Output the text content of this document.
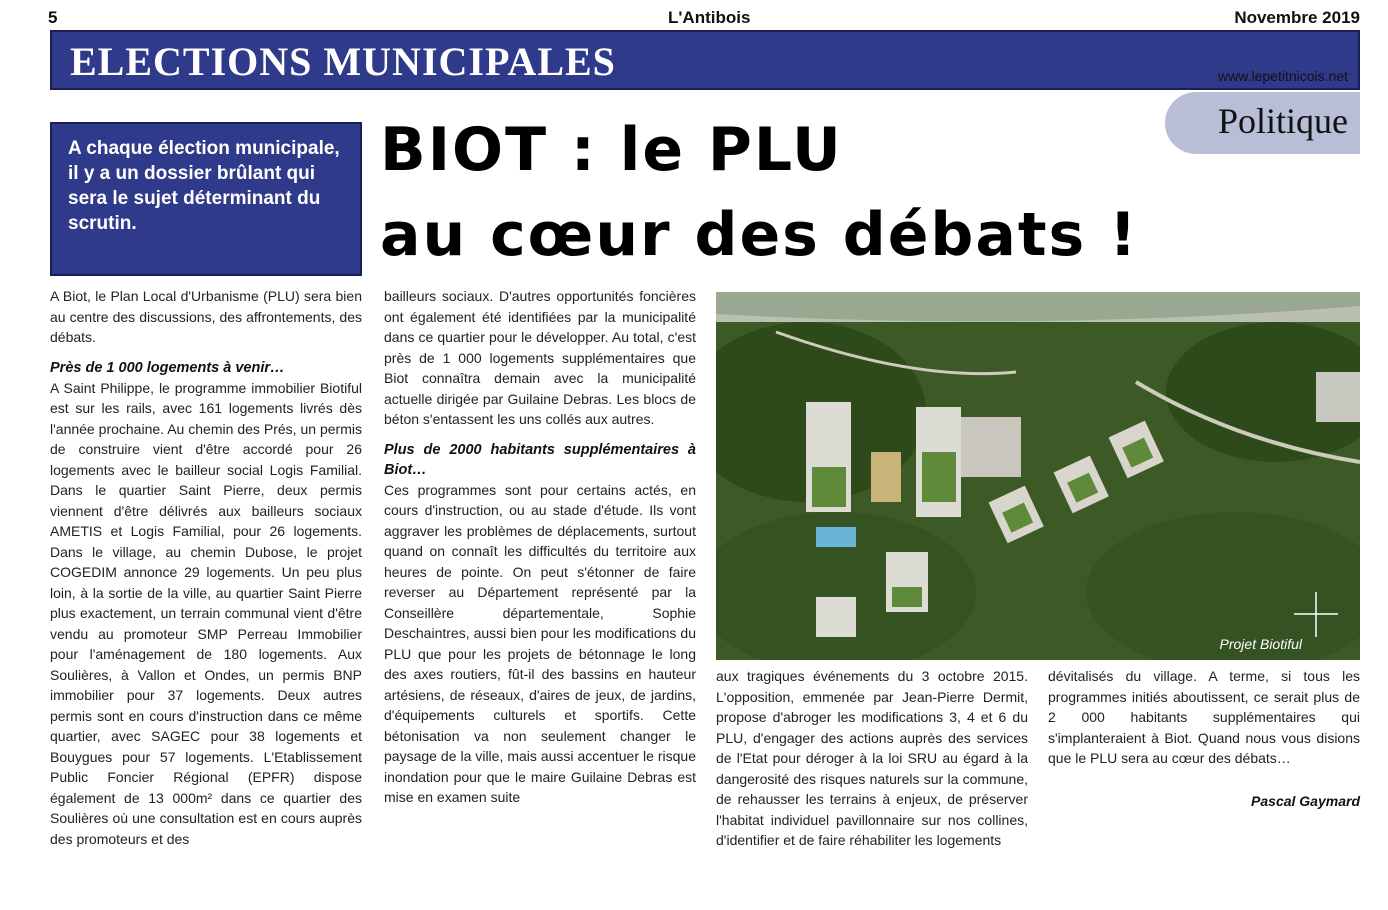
5	L'Antibois	Novembre 2019
ELECTIONS MUNICIPALES	www.lepetitnicois.net
Politique
A chaque élection municipale, il y a un dossier brûlant qui sera le sujet déterminant du scrutin.
BIOT : le PLU
au cœur des débats !

A Biot, le Plan Local d'Urbanisme (PLU) sera bien au centre des discussions, des affrontements, des débats.

Près de 1 000 logements à venir…

A Saint Philippe, le programme immobilier Biotiful est sur les rails, avec 161 logements livrés dès l'année prochaine. Au chemin des Prés, un permis de construire vient d'être accordé pour 26 logements avec le bailleur social Logis Familial. Dans le quartier Saint Pierre, deux permis viennent d'être délivrés aux bailleurs sociaux AMETIS et Logis Familial, pour 26 logements. Dans le village, au chemin Dubose, le projet COGEDIM annonce 29 logements. Un peu plus loin, à la sortie de la ville, au quartier Saint Pierre plus exactement, un terrain communal vient d'être vendu au promoteur SMP Perreau Immobilier pour l'aménagement de 180 logements. Aux Soulières, à Vallon et Ondes, un permis BNP immobilier pour 37 logements. Deux autres permis sont en cours d'instruction dans ce même quartier, avec SAGEC pour 38 logements et Bouygues pour 57 logements. L'Etablissement Public Foncier Régional (EPFR) dispose également de 13 000m² dans ce quartier des Soulières où une consultation est en cours auprès des promoteurs et des

bailleurs sociaux. D'autres opportunités foncières ont également été identifiées par la municipalité dans ce quartier pour le développer. Au total, c'est près de 1 000 logements supplémentaires que Biot connaîtra demain avec la municipalité actuelle dirigée par Guilaine Debras. Les blocs de béton s'entassent les uns collés aux autres.

Plus de 2000 habitants supplémentaires à Biot…

Ces programmes sont pour certains actés, en cours d'instruction, ou au stade d'étude. Ils vont aggraver les problèmes de déplacements, surtout quand on connaît les difficultés du territoire aux heures de pointe. On peut s'étonner de faire reverser au Département représenté par la Conseillère départementale, Sophie Deschaintres, aussi bien pour les modifications du PLU que pour les projets de bétonnage le long des axes routiers, fût-il des bassins en hauteur artésiens, de réseaux, d'aires de jeux, de jardins, d'équipements culturels et sportifs. Cette bétonisation va non seulement changer le paysage de la ville, mais aussi accentuer le risque inondation pour que le maire Guilaine Debras est mise en examen suite

Projet Biotiful

aux tragiques événements du 3 octobre 2015. L'opposition, emmenée par Jean-Pierre Dermit, propose d'abroger les modifications 3, 4 et 6 du PLU, d'engager des actions auprès des services de l'Etat pour déroger à la loi SRU au égard à la dangerosité des risques naturels sur la commune, de rehausser les terrains à enjeux, de préserver l'habitat individuel pavillonnaire sur nos collines, d'identifier et de faire réhabiliter les logements

dévitalisés du village. A terme, si tous les programmes initiés aboutissent, ce serait plus de 2 000 habitants supplémentaires qui s'implanteraient à Biot. Quand nous vous disions que le PLU sera au cœur des débats…

Pascal Gaymard
